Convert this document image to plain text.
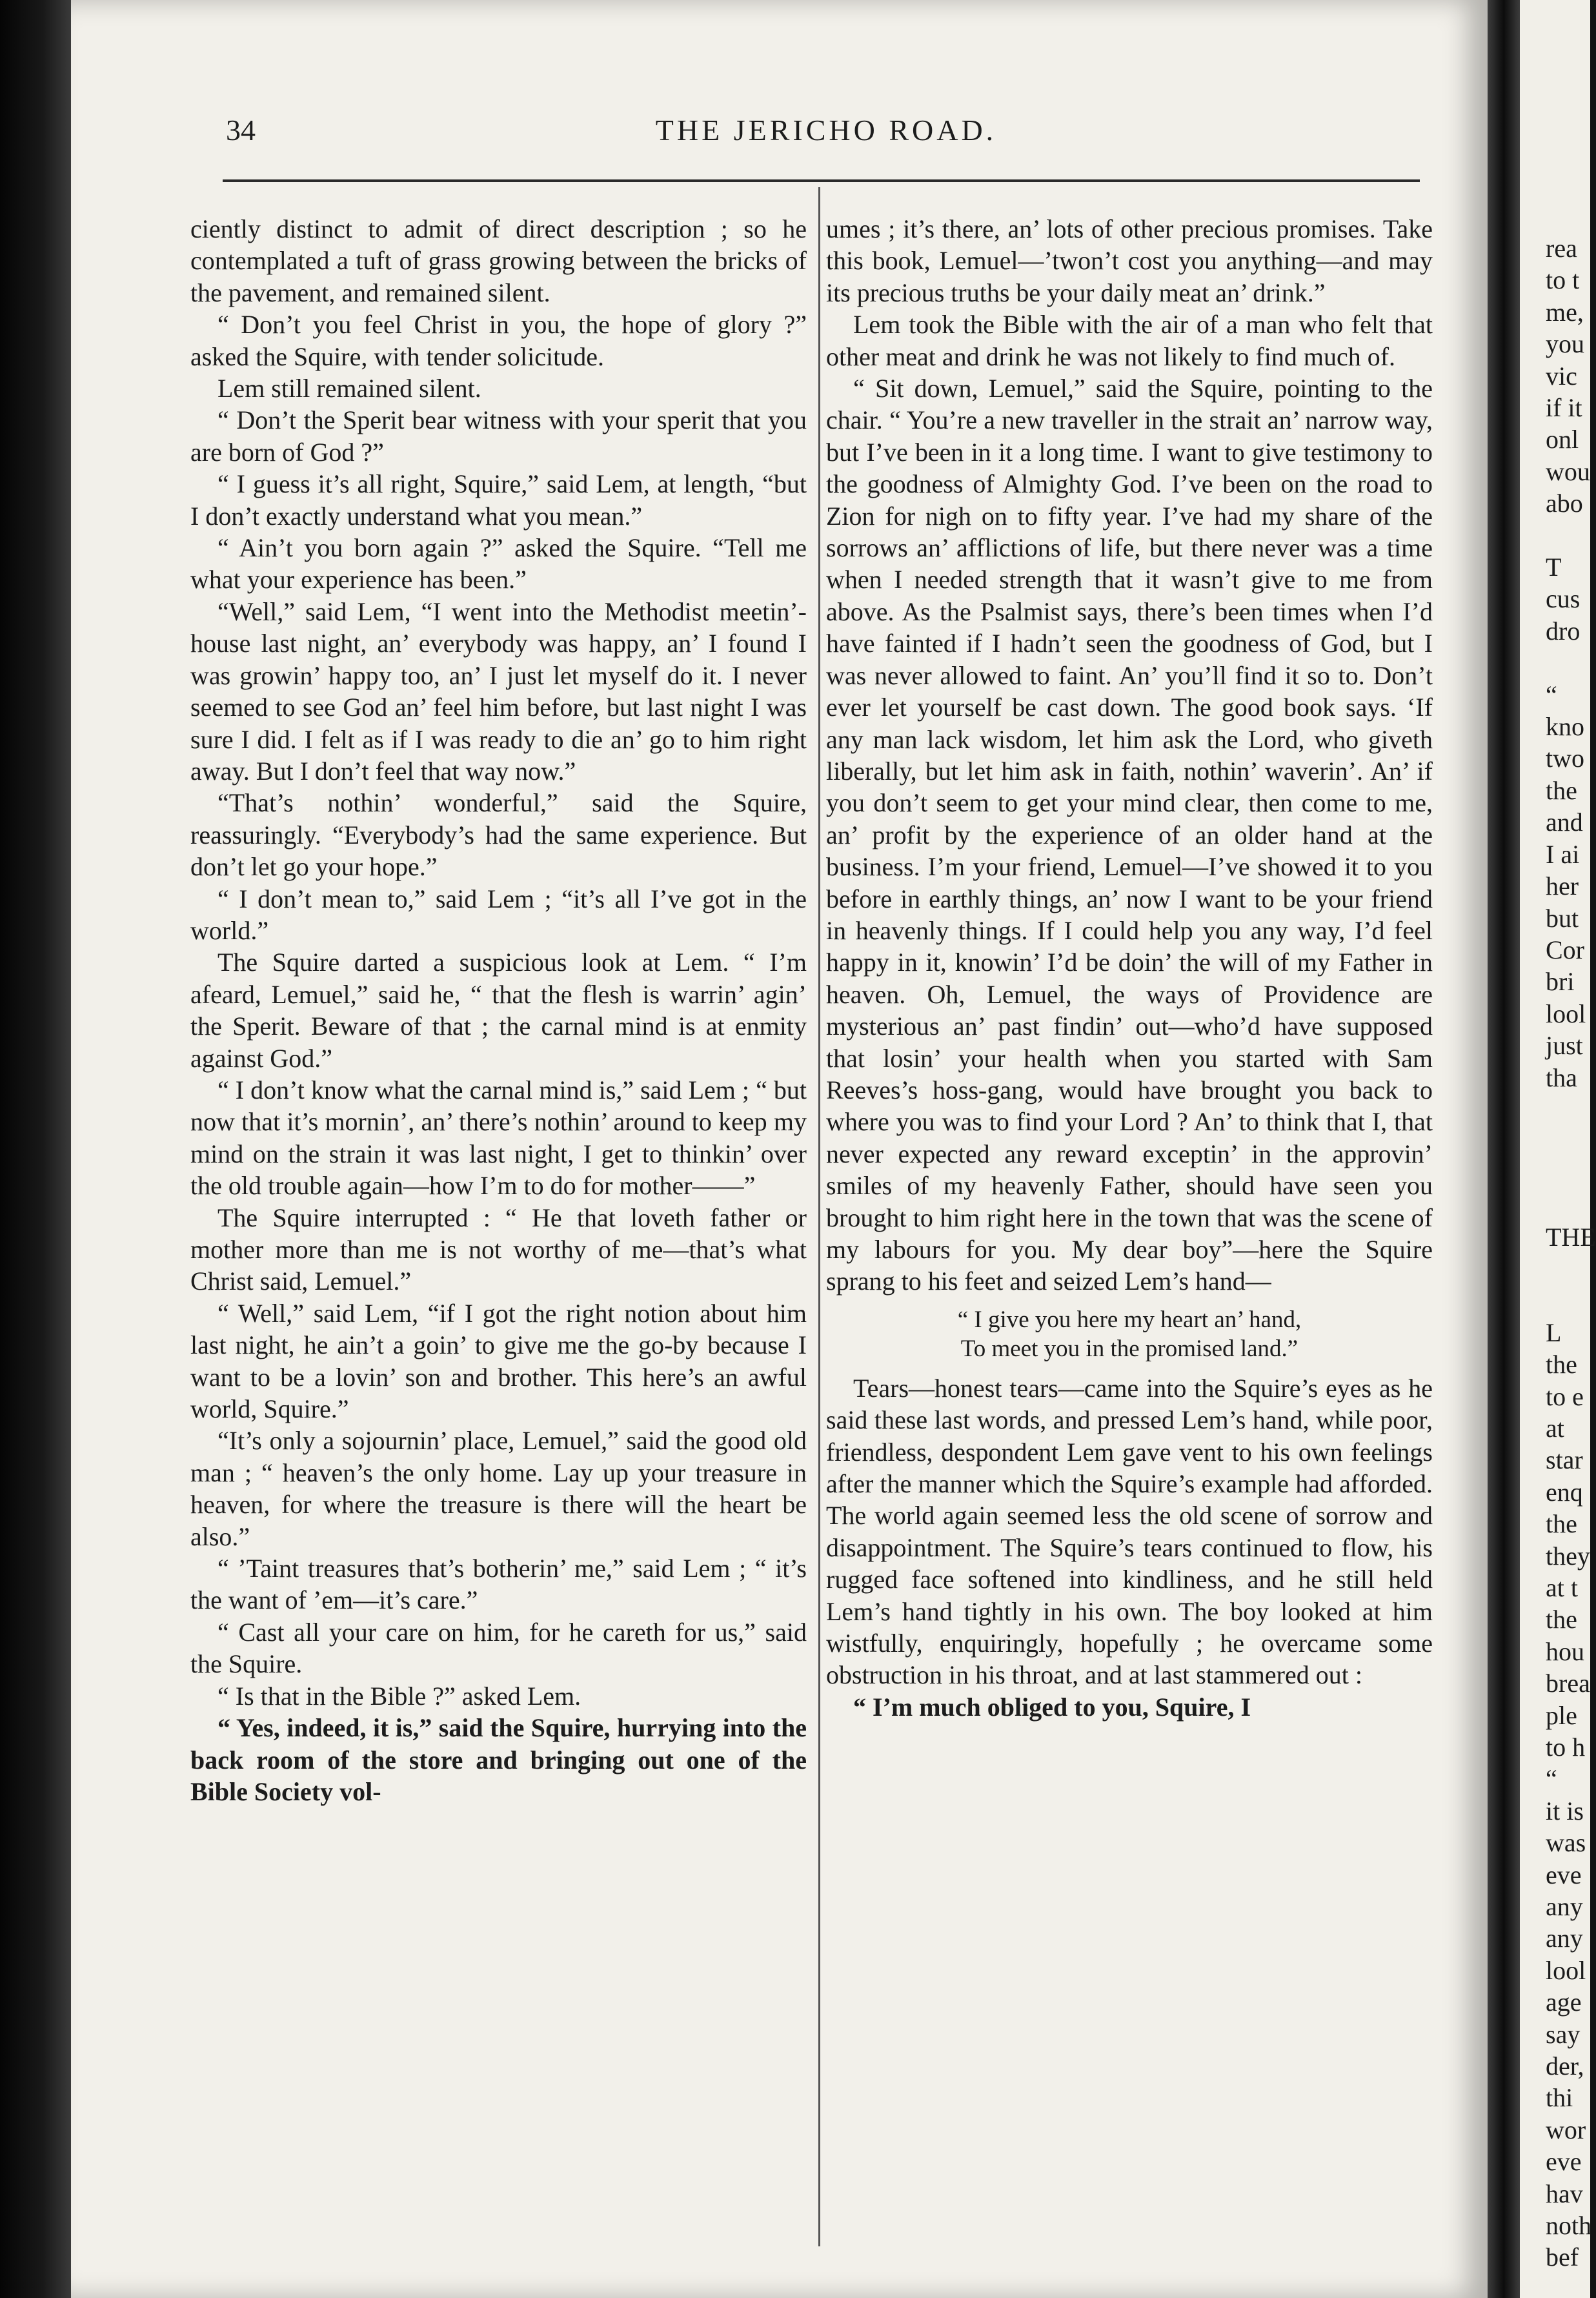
34	THE JERICHO ROAD.

ciently distinct to admit of direct description ; so he contemplated a tuft of grass growing between the bricks of the pavement, and remained silent.

“ Don’t you feel Christ in you, the hope of glory ?” asked the Squire, with tender solicitude.

Lem still remained silent.

“ Don’t the Sperit bear witness with your sperit that you are born of God ?”

“ I guess it’s all right, Squire,” said Lem, at length, “but I don’t exactly understand what you mean.”

“ Ain’t you born again ?” asked the Squire. “Tell me what your experience has been.”

“Well,” said Lem, “I went into the Methodist meetin’-house last night, an’ everybody was happy, an’ I found I was growin’ happy too, an’ I just let myself do it. I never seemed to see God an’ feel him before, but last night I was sure I did. I felt as if I was ready to die an’ go to him right away. But I don’t feel that way now.”

“That’s nothin’ wonderful,” said the Squire, reassuringly. “Everybody’s had the same experience. But don’t let go your hope.”

“ I don’t mean to,” said Lem ; “it’s all I’ve got in the world.”

The Squire darted a suspicious look at Lem. “ I’m afeard, Lemuel,” said he, “ that the flesh is warrin’ agin’ the Sperit. Beware of that ; the carnal mind is at enmity against God.”

“ I don’t know what the carnal mind is,” said Lem ; “ but now that it’s mornin’, an’ there’s nothin’ around to keep my mind on the strain it was last night, I get to thinkin’ over the old trouble again—how I’m to do for mother——”

The Squire interrupted : “ He that loveth father or mother more than me is not worthy of me—that’s what Christ said, Lemuel.”

“ Well,” said Lem, “if I got the right notion about him last night, he ain’t a goin’ to give me the go-by because I want to be a lovin’ son and brother. This here’s an awful world, Squire.”

“It’s only a sojournin’ place, Lemuel,” said the good old man ; “ heaven’s the only home. Lay up your treasure in heaven, for where the treasure is there will the heart be also.”

“ ’Taint treasures that’s botherin’ me,” said Lem ; “ it’s the want of ’em—it’s care.”

“ Cast all your care on him, for he careth for us,” said the Squire.

“ Is that in the Bible ?” asked Lem.

“ Yes, indeed, it is,” said the Squire, hurrying into the back room of the store and bringing out one of the Bible Society vol-

umes ; it’s there, an’ lots of other precious promises. Take this book, Lemuel—’twon’t cost you anything—and may its precious truths be your daily meat an’ drink.”

Lem took the Bible with the air of a man who felt that other meat and drink he was not likely to find much of.

“ Sit down, Lemuel,” said the Squire, pointing to the chair. “ You’re a new traveller in the strait an’ narrow way, but I’ve been in it a long time. I want to give testimony to the goodness of Almighty God. I’ve been on the road to Zion for nigh on to fifty year. I’ve had my share of the sorrows an’ afflictions of life, but there never was a time when I needed strength that it wasn’t give to me from above. As the Psalmist says, there’s been times when I’d have fainted if I hadn’t seen the goodness of God, but I was never allowed to faint. An’ you’ll find it so to. Don’t ever let yourself be cast down. The good book says. ‘If any man lack wisdom, let him ask the Lord, who giveth liberally, but let him ask in faith, nothin’ waverin’. An’ if you don’t seem to get your mind clear, then come to me, an’ profit by the experience of an older hand at the business. I’m your friend, Lemuel—I’ve showed it to you before in earthly things, an’ now I want to be your friend in heavenly things. If I could help you any way, I’d feel happy in it, knowin’ I’d be doin’ the will of my Father in heaven. Oh, Lemuel, the ways of Providence are mysterious an’ past findin’ out—who’d have supposed that losin’ your health when you started with Sam Reeves’s hoss-gang, would have brought you back to where you was to find your Lord ? An’ to think that I, that never expected any reward exceptin’ in the approvin’ smiles of my heavenly Father, should have seen you brought to him right here in the town that was the scene of my labours for you. My dear boy”—here the Squire sprang to his feet and seized Lem’s hand—

“ I give you here my heart an’ hand,
To meet you in the promised land.”

Tears—honest tears—came into the Squire’s eyes as he said these last words, and pressed Lem’s hand, while poor, friendless, despondent Lem gave vent to his own feelings after the manner which the Squire’s example had afforded. The world again seemed less the old scene of sorrow and disappointment. The Squire’s tears continued to flow, his rugged face softened into kindliness, and he still held Lem’s hand tightly in his own. The boy looked at him wistfully, enquiringly, hopefully ; he overcame some obstruction in his throat, and at last stammered out :

“ I’m much obliged to you, Squire, I

rea
to t
me,
you
vic
if it
onl
wou
abo
T
cus
dro
“
kno
two
the
and
I ai
her
but
Cor
bri
lool
just
tha
THE
L
the
to e
at
star
enq
the
they
at t
the
hou
brea
ple
to h
“
it is
was
eve
any
any
lool
age
say
der,
thi
wor
eve
hav
noth
bef
